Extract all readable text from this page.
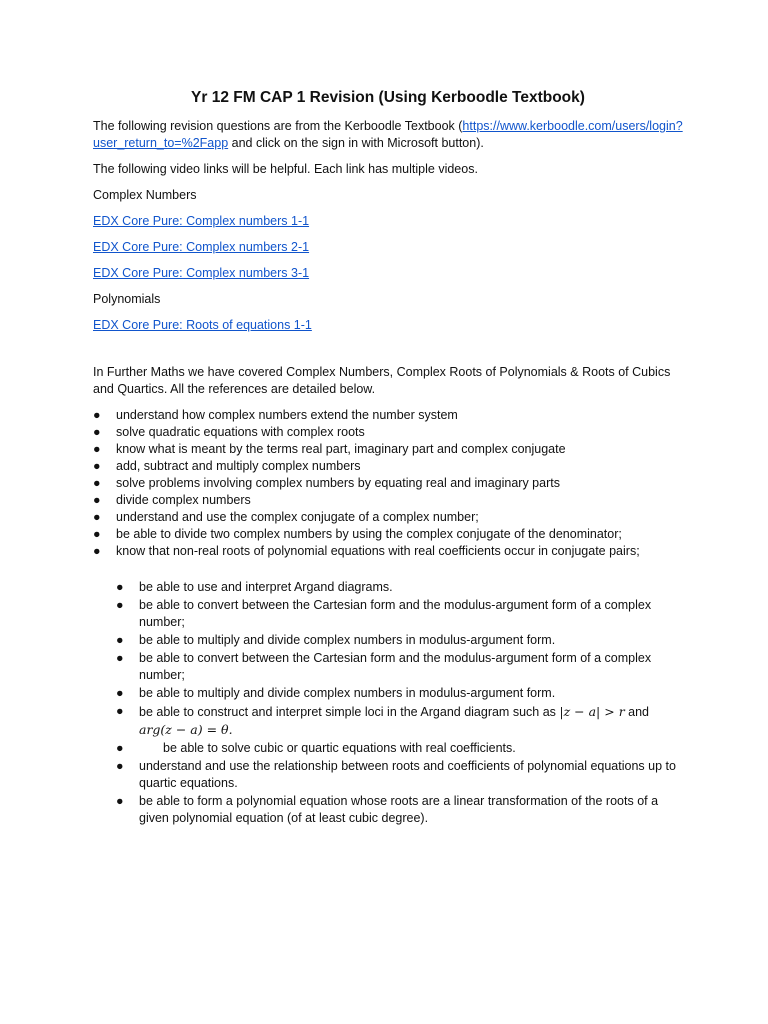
Yr 12 FM CAP 1 Revision (Using Kerboodle Textbook)

The following revision questions are from the Kerboodle Textbook (https://www.kerboodle.com/users/login?user_return_to=%2Fapp and click on the sign in with Microsoft button).

The following video links will be helpful. Each link has multiple videos.

Complex Numbers

EDX Core Pure: Complex numbers 1-1

EDX Core Pure: Complex numbers 2-1

EDX Core Pure: Complex numbers 3-1

Polynomials

EDX Core Pure: Roots of equations 1-1

In Further Maths we have covered Complex Numbers, Complex Roots of Polynomials & Roots of Cubics and Quartics. All the references are detailed below.

● understand how complex numbers extend the number system
● solve quadratic equations with complex roots
● know what is meant by the terms real part, imaginary part and complex conjugate
● add, subtract and multiply complex numbers
● solve problems involving complex numbers by equating real and imaginary parts
● divide complex numbers
● understand and use the complex conjugate of a complex number;
● be able to divide two complex numbers by using the complex conjugate of the denominator;
● know that non-real roots of polynomial equations with real coefficients occur in conjugate pairs;
● be able to use and interpret Argand diagrams.
● be able to convert between the Cartesian form and the modulus-argument form of a complex number;
● be able to multiply and divide complex numbers in modulus-argument form.
● be able to convert between the Cartesian form and the modulus-argument form of a complex number;
● be able to multiply and divide complex numbers in modulus-argument form.
● be able to construct and interpret simple loci in the Argand diagram such as |z − a| > r and arg(z − a) = θ.
●	be able to solve cubic or quartic equations with real coefficients.
● understand and use the relationship between roots and coefficients of polynomial equations up to quartic equations.
● be able to form a polynomial equation whose roots are a linear transformation of the roots of a given polynomial equation (of at least cubic degree).
